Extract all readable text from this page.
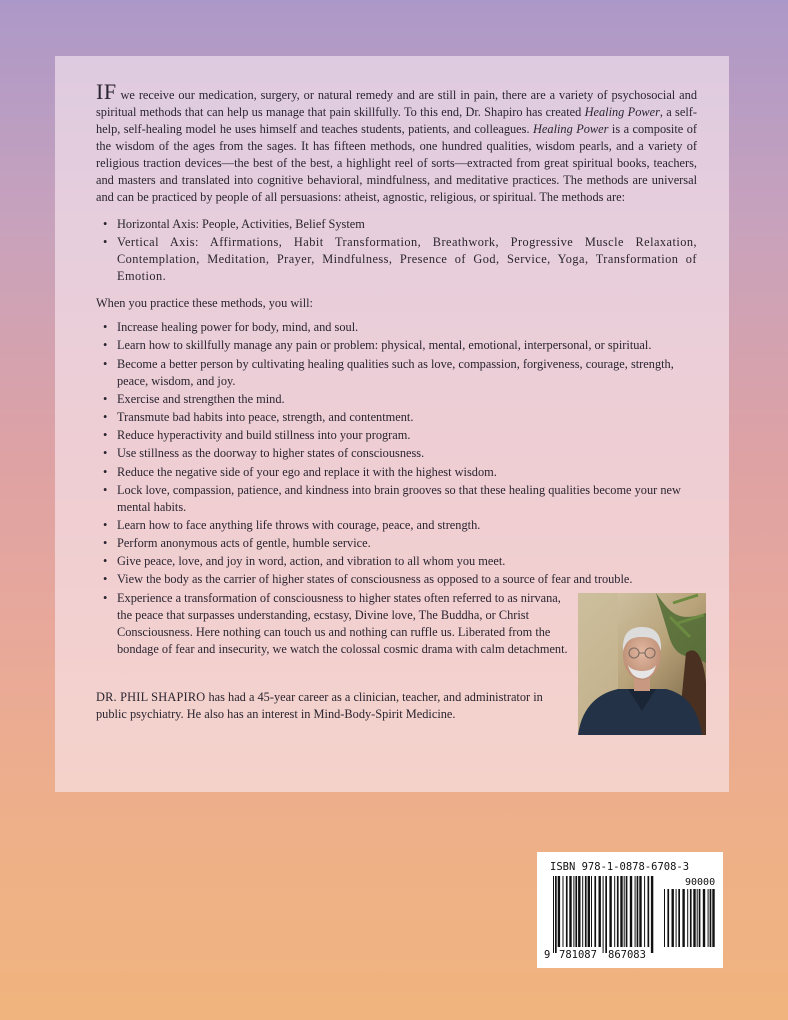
IF we receive our medication, surgery, or natural remedy and are still in pain, there are a variety of psychosocial and spiritual methods that can help us manage that pain skillfully. To this end, Dr. Shapiro has created Healing Power, a self-help, self-healing model he uses himself and teaches students, patients, and colleagues. Healing Power is a composite of the wisdom of the ages from the sages. It has fifteen methods, one hundred qualities, wisdom pearls, and a variety of religious traction devices—the best of the best, a highlight reel of sorts—extracted from great spiritual books, teachers, and masters and translated into cognitive behavioral, mindfulness, and meditative practices. The methods are universal and can be practiced by people of all persuasions: atheist, agnostic, religious, or spiritual. The methods are:

• Horizontal Axis: People, Activities, Belief System
• Vertical Axis: Affirmations, Habit Transformation, Breathwork, Progressive Muscle Relaxation, Contemplation, Meditation, Prayer, Mindfulness, Presence of God, Service, Yoga, Transformation of Emotion.

When you practice these methods, you will:

• Increase healing power for body, mind, and soul.
• Learn how to skillfully manage any pain or problem: physical, mental, emotional, interpersonal, or spiritual.
• Become a better person by cultivating healing qualities such as love, compassion, forgiveness, courage, strength, peace, wisdom, and joy.
• Exercise and strengthen the mind.
• Transmute bad habits into peace, strength, and contentment.
• Reduce hyperactivity and build stillness into your program.
• Use stillness as the doorway to higher states of consciousness.
• Reduce the negative side of your ego and replace it with the highest wisdom.
• Lock love, compassion, patience, and kindness into brain grooves so that these healing qualities become your new mental habits.
• Learn how to face anything life throws with courage, peace, and strength.
• Perform anonymous acts of gentle, humble service.
• Give peace, love, and joy in word, action, and vibration to all whom you meet.
• View the body as the carrier of higher states of consciousness as opposed to a source of fear and trouble.
• Experience a transformation of consciousness to higher states often referred to as nirvana, the peace that surpasses understanding, ecstasy, Divine love, The Buddha, or Christ Consciousness. Here nothing can touch us and nothing can ruffle us. Liberated from the bondage of fear and insecurity, we watch the colossal cosmic drama with calm detachment.

DR. PHIL SHAPIRO has had a 45-year career as a clinician, teacher, and administrator in public psychiatry. He also has an interest in Mind-Body-Spirit Medicine.

ISBN 978-1-0878-6708-3
90000
9 781087 867083
